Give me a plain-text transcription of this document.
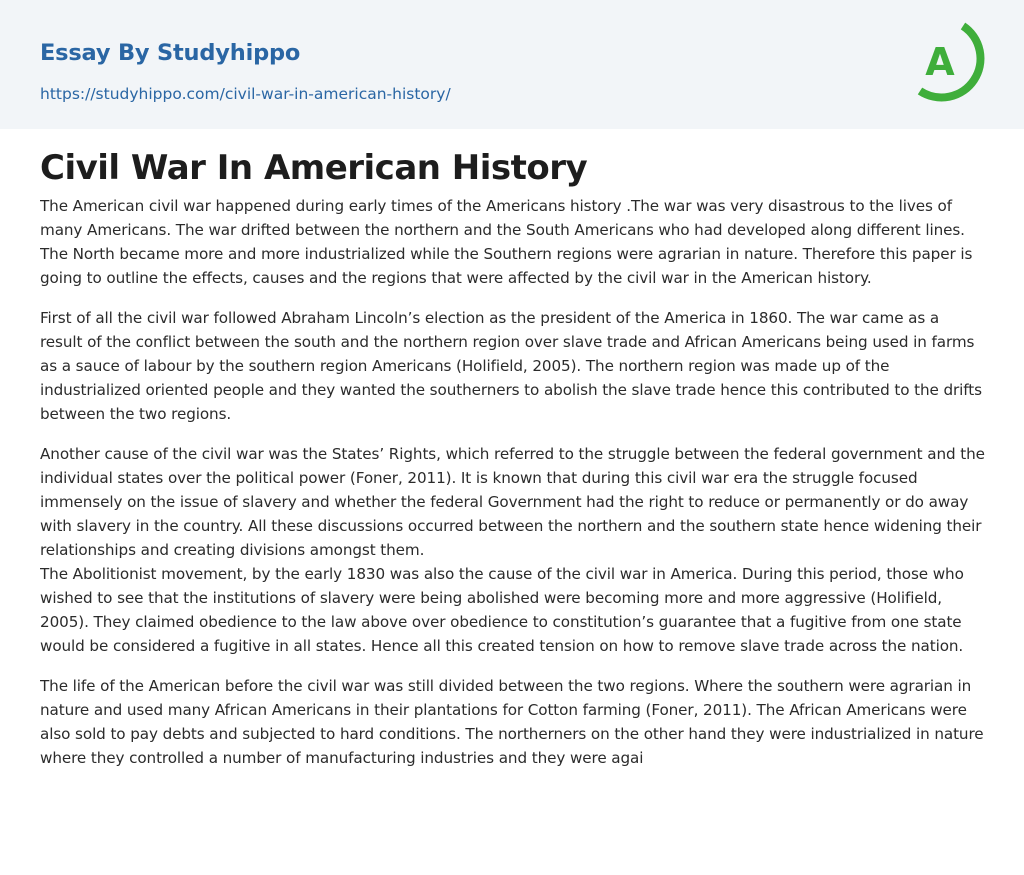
Essay By Studyhippo
https://studyhippo.com/civil-war-in-american-history/
A
Civil War In American History

The American civil war happened during early times of the Americans history .The war was very disastrous to the lives of many Americans. The war drifted between the northern and the South Americans who had developed along different lines. The North became more and more industrialized while the Southern regions were agrarian in nature. Therefore this paper is going to outline the effects, causes and the regions that were affected by the civil war in the American history.

First of all the civil war followed Abraham Lincoln’s election as the president of the America in 1860. The war came as a result of the conflict between the south and the northern region over slave trade and African Americans being used in farms as a sauce of labour by the southern region Americans (Holifield, 2005). The northern region was made up of the industrialized oriented people and they wanted the southerners to abolish the slave trade hence this contributed to the drifts between the two regions.

Another cause of the civil war was the States’ Rights, which referred to the struggle between the federal government and the individual states over the political power (Foner, 2011). It is known that during this civil war era the struggle focused immensely on the issue of slavery and whether the federal Government had the right to reduce or permanently or do away with slavery in the country. All these discussions occurred between the northern and the southern state hence widening their relationships and creating divisions amongst them.

The Abolitionist movement, by the early 1830 was also the cause of the civil war in America. During this period, those who wished to see that the institutions of slavery were being abolished were becoming more and more aggressive (Holifield, 2005). They claimed obedience to the law above over obedience to constitution’s guarantee that a fugitive from one state would be considered a fugitive in all states. Hence all this created tension on how to remove slave trade across the nation.

The life of the American before the civil war was still divided between the two regions. Where the southern were agrarian in nature and used many African Americans in their plantations for Cotton farming (Foner, 2011). The African Americans were also sold to pay debts and subjected to hard conditions. The northerners on the other hand they were industrialized in nature where they controlled a number of manufacturing industries and they were agai
